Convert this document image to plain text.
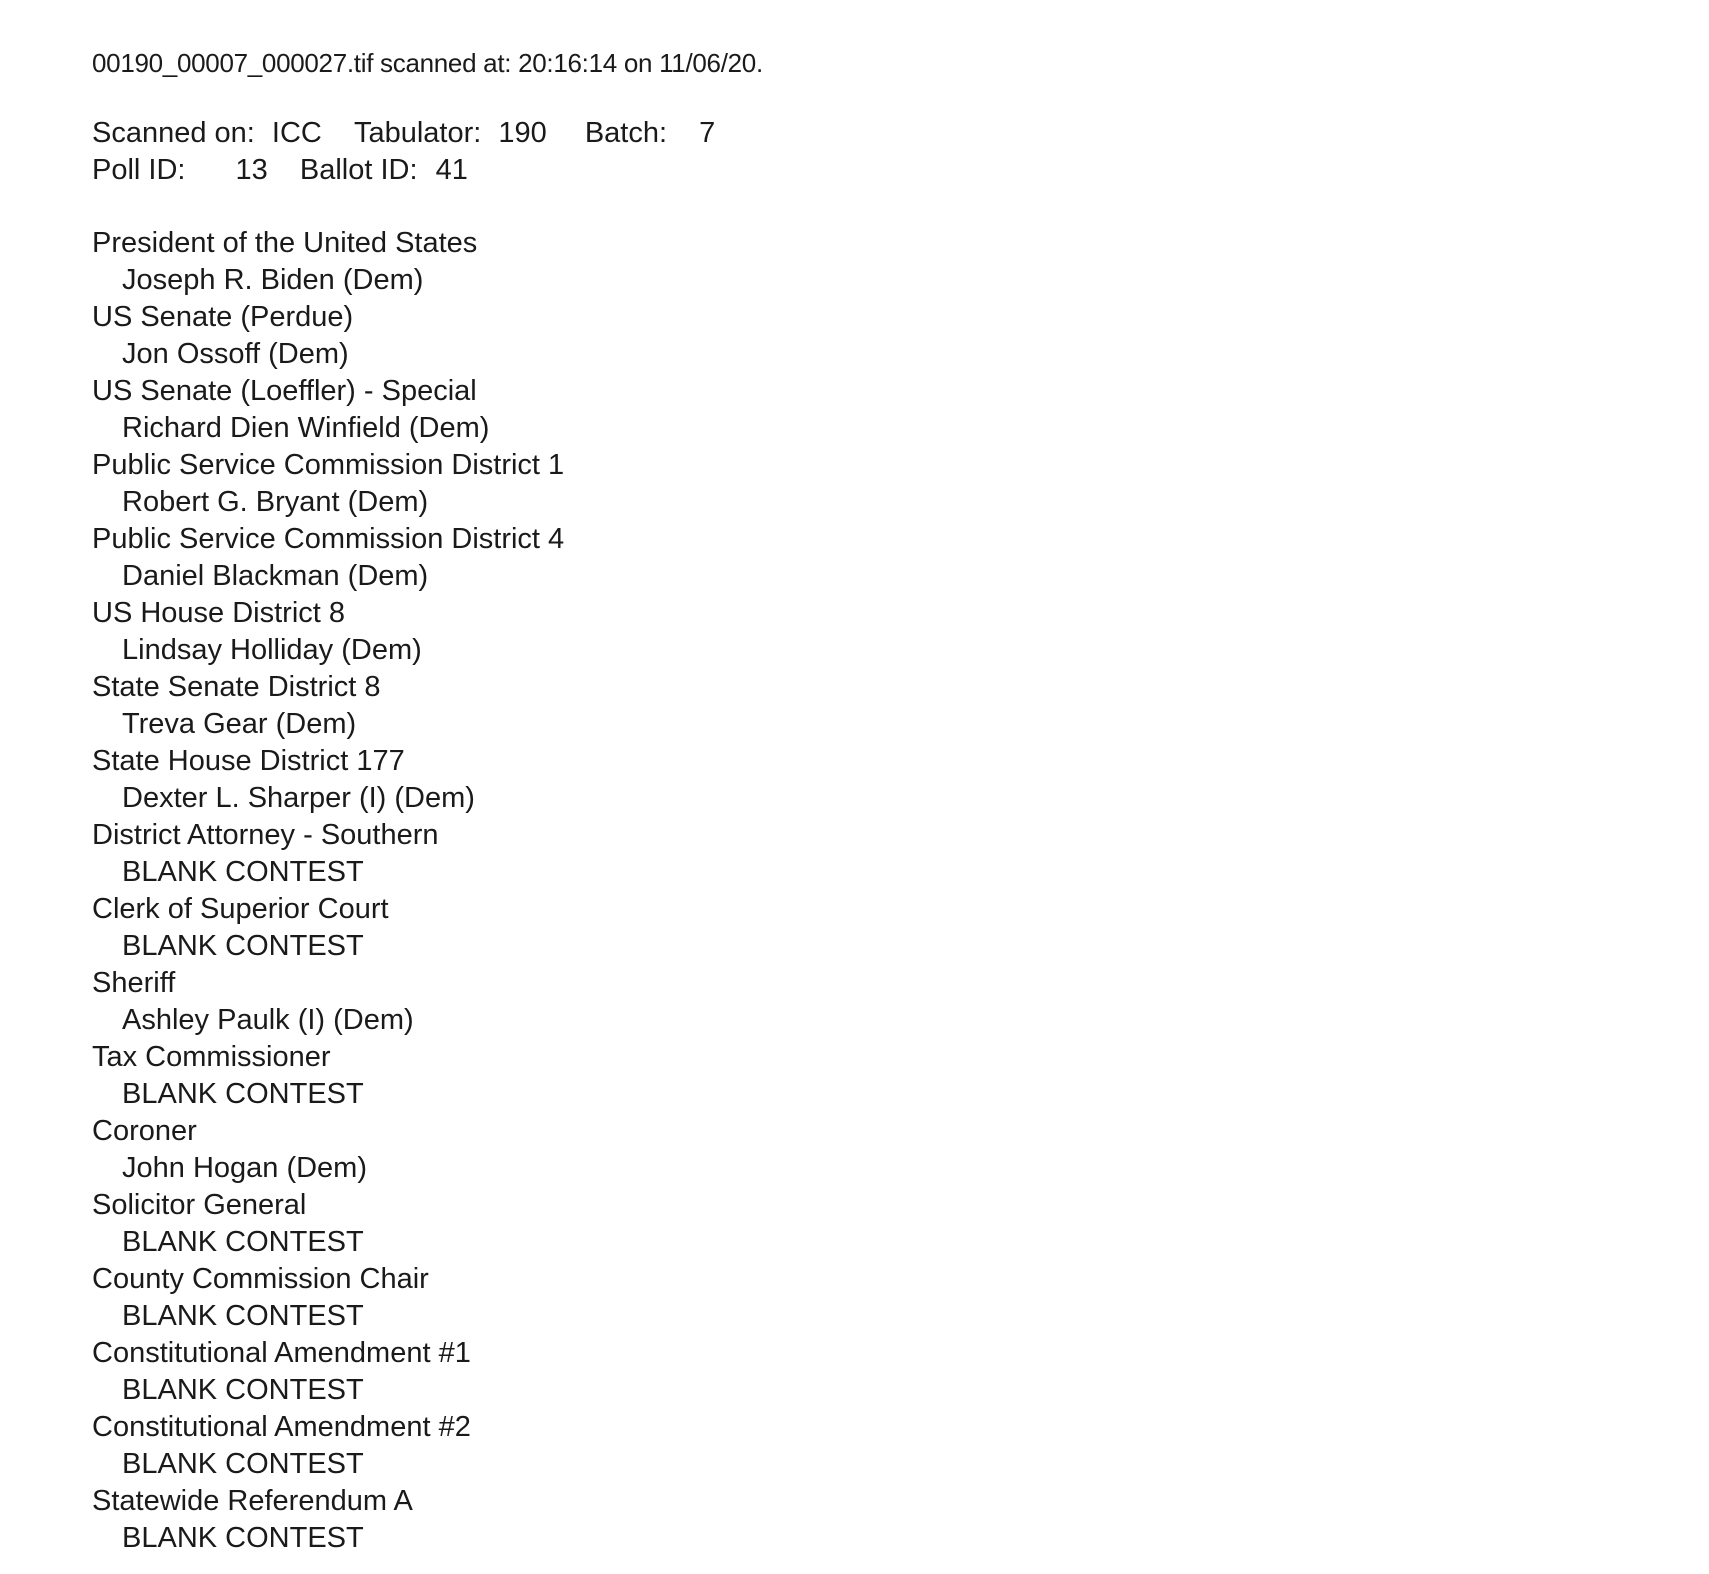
00190_00007_000027.tif scanned at: 20:16:14 on 11/06/20.
Scanned on: ICC Tabulator: 190 Batch: 7
Poll ID: 13 Ballot ID: 41
President of the United States
Joseph R. Biden (Dem)
US Senate (Perdue)
Jon Ossoff (Dem)
US Senate (Loeffler) - Special
Richard Dien Winfield (Dem)
Public Service Commission District 1
Robert G. Bryant (Dem)
Public Service Commission District 4
Daniel Blackman (Dem)
US House District 8
Lindsay Holliday (Dem)
State Senate District 8
Treva Gear (Dem)
State House District 177
Dexter L. Sharper (I) (Dem)
District Attorney - Southern
BLANK CONTEST
Clerk of Superior Court
BLANK CONTEST
Sheriff
Ashley Paulk (I) (Dem)
Tax Commissioner
BLANK CONTEST
Coroner
John Hogan (Dem)
Solicitor General
BLANK CONTEST
County Commission Chair
BLANK CONTEST
Constitutional Amendment #1
BLANK CONTEST
Constitutional Amendment #2
BLANK CONTEST
Statewide Referendum A
BLANK CONTEST
